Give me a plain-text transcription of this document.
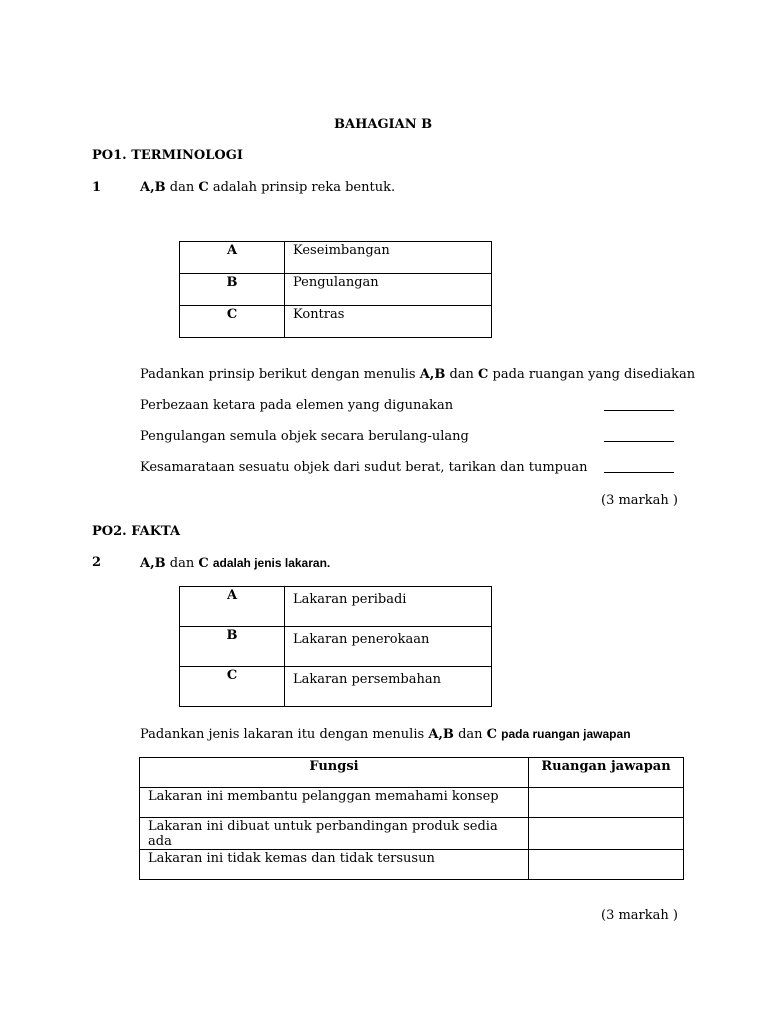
BAHAGIAN B
PO1. TERMINOLOGI
1	A,B dan C adalah prinsip reka bentuk.
A	Keseimbangan
B	Pengulangan
C	Kontras
Padankan prinsip berikut dengan menulis A,B dan C pada ruangan yang disediakan
Perbezaan ketara pada elemen yang digunakan
Pengulangan semula objek secara berulang-ulang
Kesamarataan sesuatu objek dari sudut berat, tarikan dan tumpuan
(3 markah )
PO2. FAKTA
2	A,B dan C adalah jenis lakaran.
A	Lakaran peribadi
B	Lakaran penerokaan
C	Lakaran persembahan
Padankan jenis lakaran itu dengan menulis A,B dan C pada ruangan jawapan
Fungsi	Ruangan jawapan
Lakaran ini membantu pelanggan memahami konsep	
Lakaran ini dibuat untuk perbandingan produk sedia ada	
Lakaran ini tidak kemas dan tidak tersusun	
(3 markah )
